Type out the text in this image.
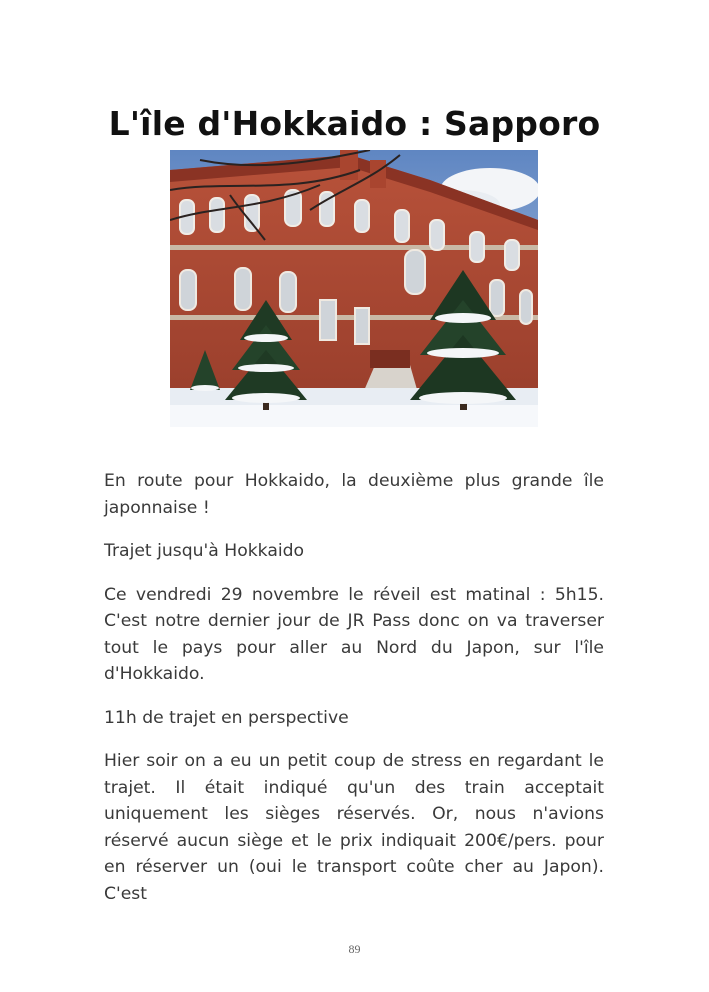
L'île d'Hokkaido : Sapporo

En route pour Hokkaido, la deuxième plus grande île japonnaise !

Trajet jusqu'à Hokkaido

Ce vendredi 29 novembre le réveil est matinal : 5h15. C'est notre dernier jour de JR Pass donc on va traverser tout le pays pour aller au Nord du Japon, sur l'île d'Hokkaido.

11h de trajet en perspective

Hier soir on a eu un petit coup de stress en regardant le trajet. Il était indiqué qu'un des train acceptait uniquement les sièges réservés. Or, nous n'avions réservé aucun siège et le prix indiquait 200€/pers. pour en réserver un (oui le transport coûte cher au Japon). C'est

89
